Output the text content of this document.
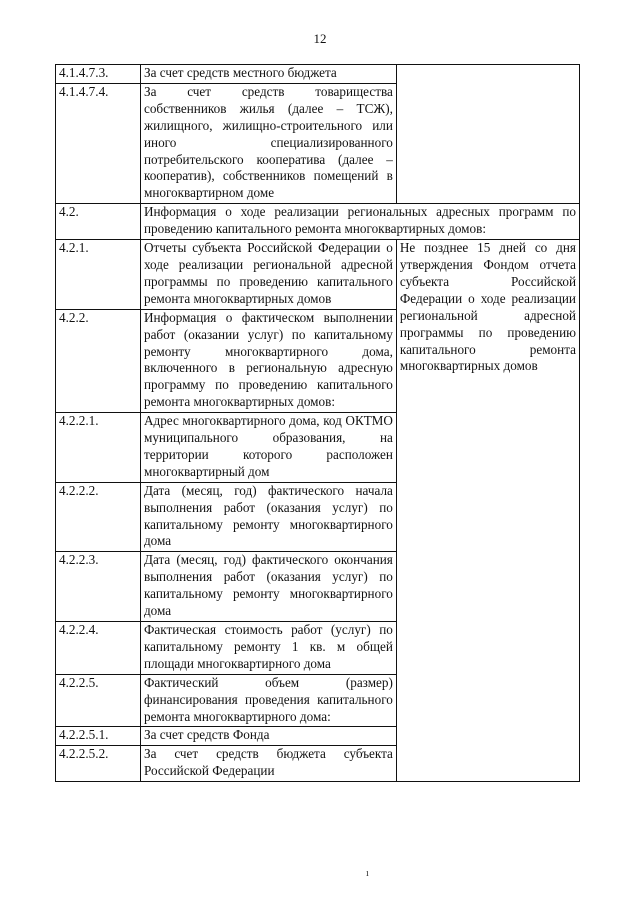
12
4.1.4.7.3.	За счет средств местного бюджета	
4.1.4.7.4.	За счет средств товарищества собственников жилья (далее – ТСЖ), жилищного, жилищно-строительного или иного специализированного потребительского кооператива (далее – кооператив), собственников помещений в многоквартирном доме	
4.2.	Информация о ходе реализации региональных адресных программ по проведению капитального ремонта многоквартирных домов:	
4.2.1.	Отчеты субъекта Российской Федерации о ходе реализации региональной адресной программы по проведению капитального ремонта многоквартирных домов	Не позднее 15 дней со дня утверждения Фондом отчета субъекта Российской Федерации о ходе реализации региональной адресной программы по проведению капитального ремонта многоквартирных домов
4.2.2.	Информация о фактическом выполнении работ (оказании услуг) по капитальному ремонту многоквартирного дома, включенного в региональную адресную программу по проведению капитального ремонта многоквартирных домов:	
4.2.2.1.	Адрес многоквартирного дома, код ОКТМО муниципального образования, на территории которого расположен многоквартирный дом	
4.2.2.2.	Дата (месяц, год) фактического начала выполнения работ (оказания услуг) по капитальному ремонту многоквартирного дома	
4.2.2.3.	Дата (месяц, год) фактического окончания выполнения работ (оказания услуг) по капитальному ремонту многоквартирного дома	
4.2.2.4.	Фактическая стоимость работ (услуг) по капитальному ремонту 1 кв. м общей площади многоквартирного дома	
4.2.2.5.	Фактический объем (размер) финансирования проведения капитального ремонта многоквартирного дома:	
4.2.2.5.1.	За счет средств Фонда	
4.2.2.5.2.	За счет средств бюджета субъекта Российской Федерации	
ı
